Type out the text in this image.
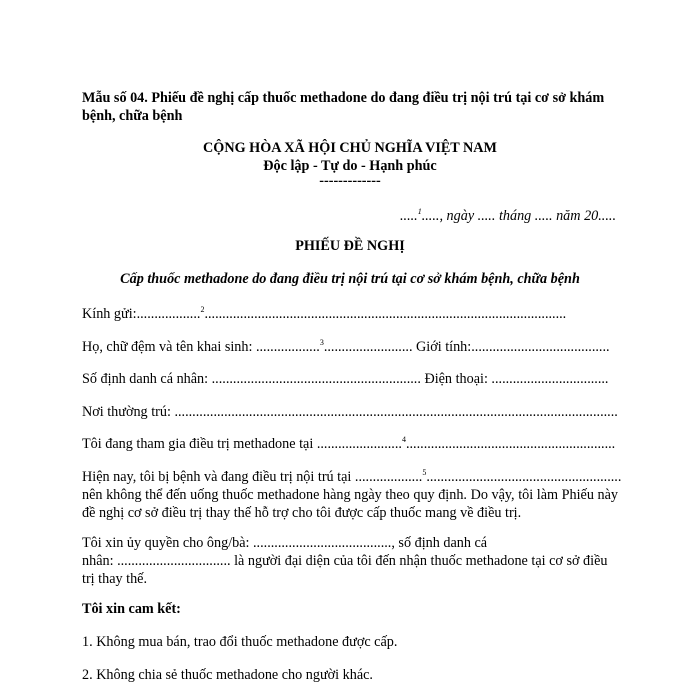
Mẫu số 04. Phiếu đề nghị cấp thuốc methadone do đang điều trị nội trú tại cơ sở khám bệnh, chữa bệnh
CỘNG HÒA XÃ HỘI CHỦ NGHĨA VIỆT NAM
Độc lập - Tự do - Hạnh phúc
-------------
.....$^1$....., ngày ..... tháng ..... năm 20.....
PHIẾU ĐỀ NGHỊ
Cấp thuốc methadone do đang điều trị nội trú tại cơ sở khám bệnh, chữa bệnh
Kính gửi:..................$^2$......................................................................................................
Họ, chữ đệm và tên khai sinh: ..................$^3$......................... Giới tính:.......................................
Số định danh cá nhân: ........................................................... Điện thoại: .................................
Nơi thường trú: .............................................................................................................................
Tôi đang tham gia điều trị methadone tại ........................$^4$...........................................................
Hiện nay, tôi bị bệnh và đang điều trị nội trú tại ...................$^5$.......................................................
nên không thể đến uống thuốc methadone hàng ngày theo quy định. Do vậy, tôi làm Phiếu này đề nghị cơ sở điều trị thay thế hỗ trợ cho tôi được cấp thuốc mang về điều trị.
Tôi xin ủy quyền cho ông/bà: ......................................., số định danh cá
nhân: ................................ là người đại diện của tôi đến nhận thuốc methadone tại cơ sở điều trị thay thế.
Tôi xin cam kết:
1. Không mua bán, trao đổi thuốc methadone được cấp.
2. Không chia sẻ thuốc methadone cho người khác.
